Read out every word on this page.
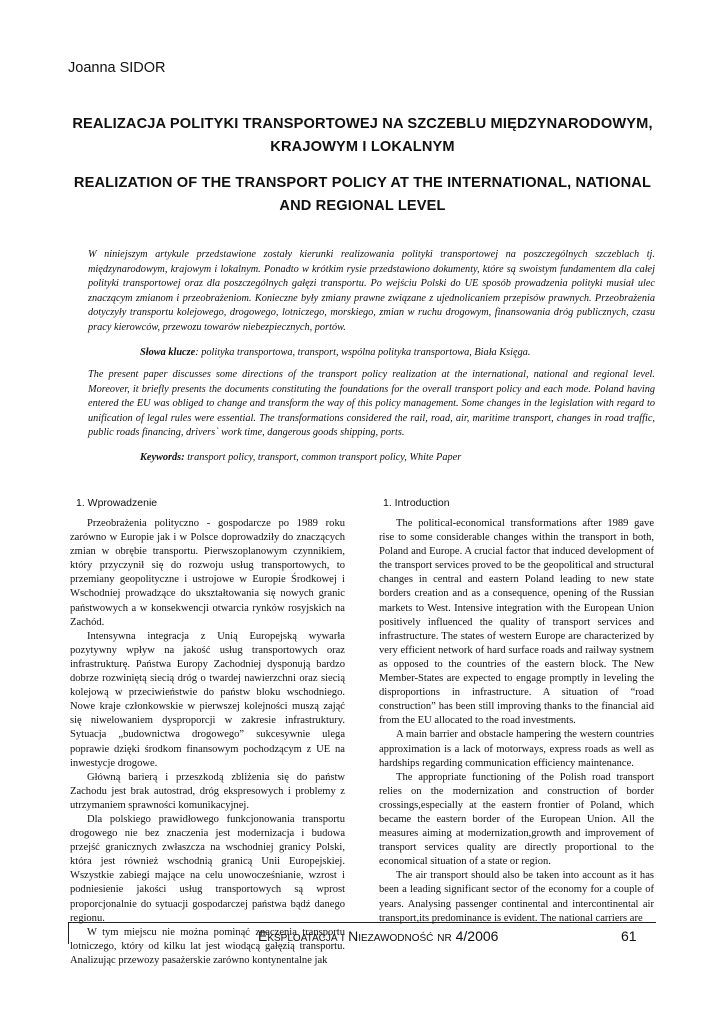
Joanna SIDOR
REALIZACJA POLITYKI TRANSPORTOWEJ NA SZCZEBLU MIĘDZYNARODOWYM, KRAJOWYM I LOKALNYM
REALIZATION OF THE TRANSPORT POLICY AT THE INTERNATIONAL, NATIONAL AND REGIONAL LEVEL
W niniejszym artykule przedstawione zostały kierunki realizowania polityki transportowej na poszczególnych szczeblach tj. międzynarodowym, krajowym i lokalnym. Ponadto w krótkim rysie przedstawiono dokumenty, które są swoistym fundamentem dla całej polityki transportowej oraz dla poszczególnych gałęzi transportu. Po wejściu Polski do UE sposób prowadzenia polityki musiał ulec znaczącym zmianom i przeobrażeniom. Konieczne były zmiany prawne związane z ujednolicaniem przepisów prawnych. Przeobrażenia dotyczyły transportu kolejowego, drogowego, lotniczego, morskiego, zmian w ruchu drogowym, finansowania dróg publicznych, czasu pracy kierowców, przewozu towarów niebezpiecznych, portów.
Słowa klucze: polityka transportowa, transport, wspólna polityka transportowa, Biała Księga.
The present paper discusses some directions of the transport policy realization at the international, national and regional level. Moreover, it briefly presents the documents constituting the foundations for the overall transport policy and each mode. Poland having entered the EU was obliged to change and transform the way of this policy management. Some changes in the legislation with regard to unification of legal rules were essential. The transformations considered the rail, road, air, maritime transport, changes in road traffic, public roads financing, drivers` work time, dangerous goods shipping, ports.
Keywords: transport policy, transport, common transport policy, White Paper
1. Wprowadzenie	1. Introduction

Przeobrażenia polityczno - gospodarcze po 1989 roku zarówno w Europie jak i w Polsce doprowadziły do znaczących zmian w obrębie transportu. Pierwszoplanowym czynnikiem, który przyczynił się do rozwoju usług transportowych, to przemiany geopolityczne i ustrojowe w Europie Środkowej i Wschodniej prowadzące do ukształtowania się nowych granic państwowych a w konsekwencji otwarcia rynków rosyjskich na Zachód.

Intensywna integracja z Unią Europejską wywarła pozytywny wpływ na jakość usług transportowych oraz infrastrukturę. Państwa Europy Zachodniej dysponują bardzo dobrze rozwiniętą siecią dróg o twardej nawierzchni oraz siecią kolejową w przeciwieństwie do państw bloku wschodniego. Nowe kraje członkowskie w pierwszej kolejności muszą zająć się niwelowaniem dysproporcji w zakresie infrastruktury. Sytuacja „budownictwa drogowego” sukcesywnie ulega poprawie dzięki środkom finansowym pochodzącym z UE na inwestycje drogowe.

Główną barierą i przeszkodą zbliżenia się do państw Zachodu jest brak autostrad, dróg ekspresowych i problemy z utrzymaniem sprawności komunikacyjnej.

Dla polskiego prawidłowego funkcjonowania transportu drogowego nie bez znaczenia jest modernizacja i budowa przejść granicznych zwłaszcza na wschodniej granicy Polski, która jest również wschodnią granicą Unii Europejskiej. Wszystkie zabiegi mające na celu unowocześnianie, wzrost i podniesienie jakości usług transportowych są wprost proporcjonalnie do sytuacji gospodarczej państwa bądź danego regionu.

W tym miejscu nie można pominąć znaczenia transportu lotniczego, który od kilku lat jest wiodącą gałęzią transportu. Analizując przewozy pasażerskie zarówno kontynentalne jak

The political-economical transformations after 1989 gave rise to some considerable changes within the transport in both, Poland and Europe. A crucial factor that induced development of the transport services proved to be the geopolitical and structural changes in central and eastern Poland leading to new state borders creation and as a consequence, opening of the Russian markets to West. Intensive integration with the European Union positively influenced the quality of transport services and infrastructure. The states of western Europe are characterized by very efficient network of hard surface roads and railway systnem as opposed to the countries of the eastern block. The New Member-States are expected to engage promptly in leveling the disproportions in infrastructure. A situation of “road construction” has been still improving thanks to the financial aid from the EU allocated to the road investments.

A main barrier and obstacle hampering the western countries approximation is a lack of motorways, express roads as well as hardships regarding communication efficiency maintenance.

The appropriate functioning of the Polish road transport relies on the modernization and construction of border crossings,especially at the eastern frontier of Poland, which became the eastern border of the European Union. All the measures aiming at modernization,growth and improvement of transport services quality are directly proportional to the economical situation of a state or region.

The air transport should also be taken into account as it has been a leading significant sector of the economy for a couple of years. Analysing passenger continental and intercontinental air transport,its predominance is evident. The national carriers are

Eksploatacja i Niezawodność nr 4/2006	61
